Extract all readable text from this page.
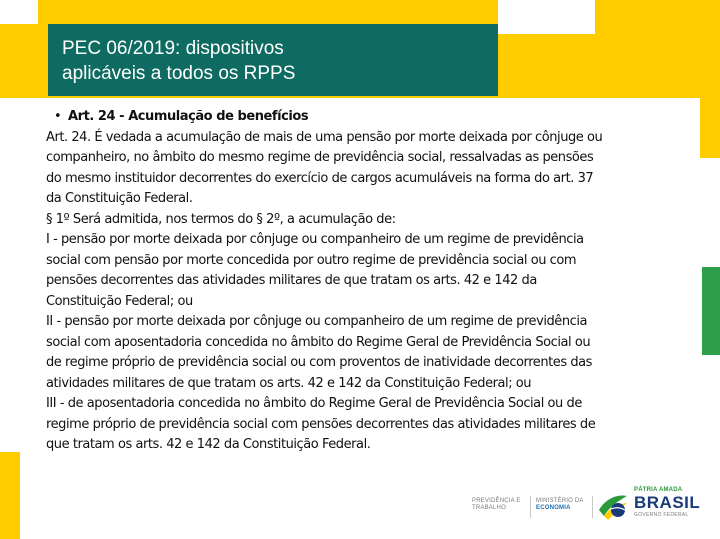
PEC 06/2019: dispositivos
aplicáveis a todos os RPPS

• Art. 24 - Acumulação de benefícios

Art. 24. É vedada a acumulação de mais de uma pensão por morte deixada por cônjuge ou

companheiro, no âmbito do mesmo regime de previdência social, ressalvadas as pensões

do mesmo instituidor decorrentes do exercício de cargos acumuláveis na forma do art. 37

da Constituição Federal.

§ 1º Será admitida, nos termos do § 2º, a acumulação de:

I - pensão por morte deixada por cônjuge ou companheiro de um regime de previdência

social com pensão por morte concedida por outro regime de previdência social ou com

pensões decorrentes das atividades militares de que tratam os arts. 42 e 142 da

Constituição Federal; ou

II - pensão por morte deixada por cônjuge ou companheiro de um regime de previdência

social com aposentadoria concedida no âmbito do Regime Geral de Previdência Social ou

de regime próprio de previdência social ou com proventos de inatividade decorrentes das

atividades militares de que tratam os arts. 42 e 142 da Constituição Federal; ou

III - de aposentadoria concedida no âmbito do Regime Geral de Previdência Social ou de

regime próprio de previdência social com pensões decorrentes das atividades militares de

que tratam os arts. 42 e 142 da Constituição Federal.

PREVIDÊNCIA E
TRABALHO
MINISTÉRIO DA
ECONOMIA
PÁTRIA AMADA
BRASIL
GOVERNO FEDERAL
